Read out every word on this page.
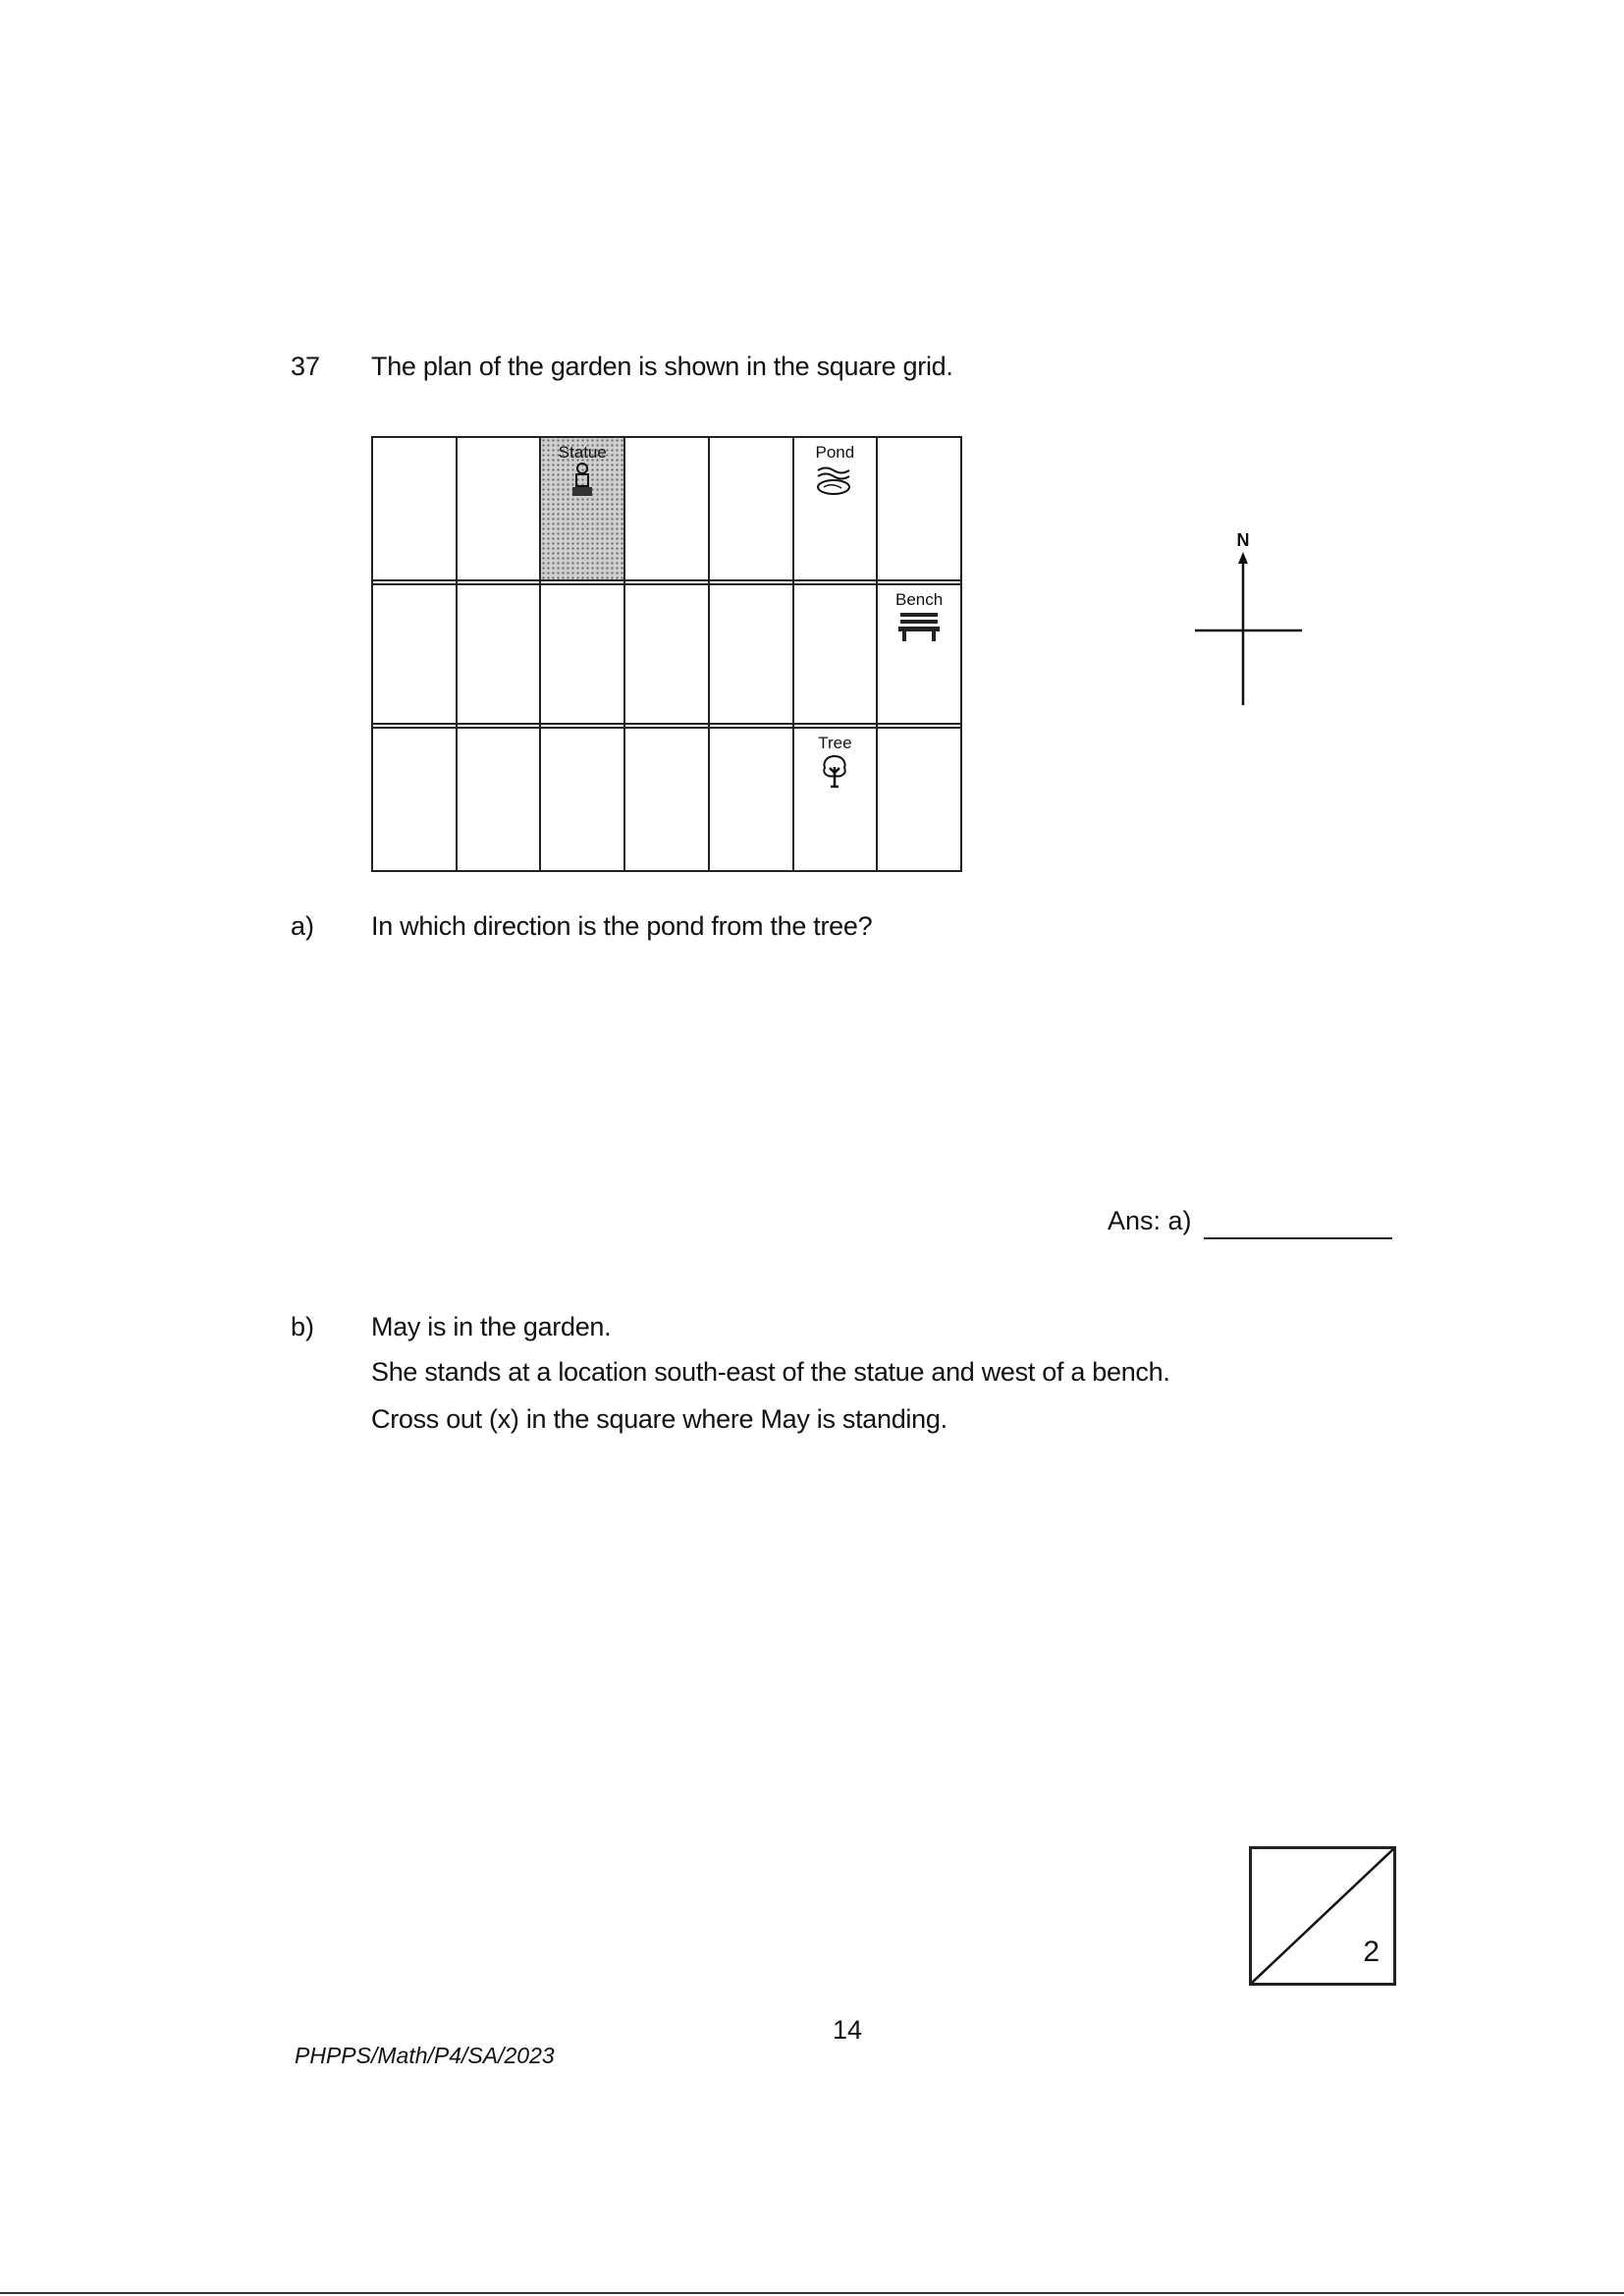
37 The plan of the garden is shown in the square grid.

		Statue			Pond	

						Bench

					Tree	

N
a) In which direction is the pond from the tree?
Ans: a)
b) May is in the garden.
She stands at a location south-east of the statue and west of a bench.
Cross out (x) in the square where May is standing.
2
14
PHPPS/Math/P4/SA/2023
